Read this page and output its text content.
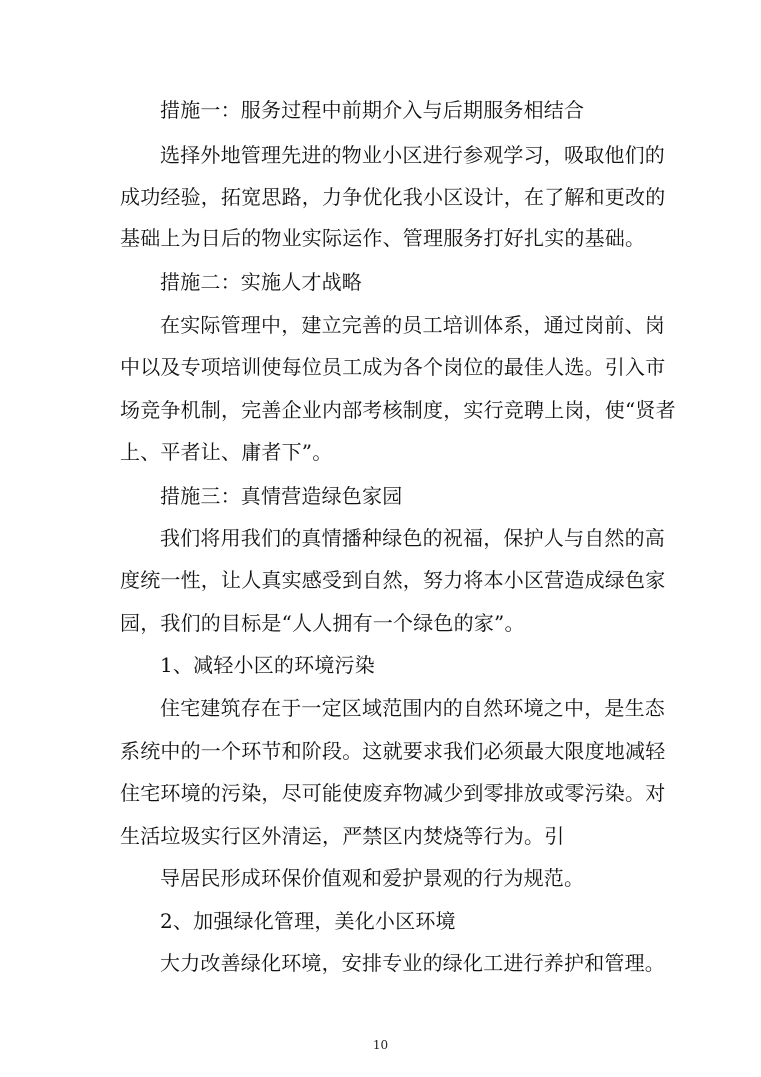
措施一：服务过程中前期介入与后期服务相结合
选择外地管理先进的物业小区进行参观学习，吸取他们的
成功经验，拓宽思路，力争优化我小区设计，在了解和更改的
基础上为日后的物业实际运作、管理服务打好扎实的基础。
措施二：实施人才战略
在实际管理中，建立完善的员工培训体系，通过岗前、岗
中以及专项培训使每位员工成为各个岗位的最佳人选。引入市
场竞争机制，完善企业内部考核制度，实行竞聘上岗，使“贤者
上、平者让、庸者下”。
措施三：真情营造绿色家园
我们将用我们的真情播种绿色的祝福，保护人与自然的高
度统一性，让人真实感受到自然，努力将本小区营造成绿色家
园，我们的目标是“人人拥有一个绿色的家”。
1、减轻小区的环境污染
住宅建筑存在于一定区域范围内的自然环境之中，是生态
系统中的一个环节和阶段。这就要求我们必须最大限度地减轻
住宅环境的污染，尽可能使废弃物减少到零排放或零污染。对
生活垃圾实行区外清运，严禁区内焚烧等行为。引
导居民形成环保价值观和爱护景观的行为规范。
2、加强绿化管理，美化小区环境
大力改善绿化环境，安排专业的绿化工进行养护和管理。
10
